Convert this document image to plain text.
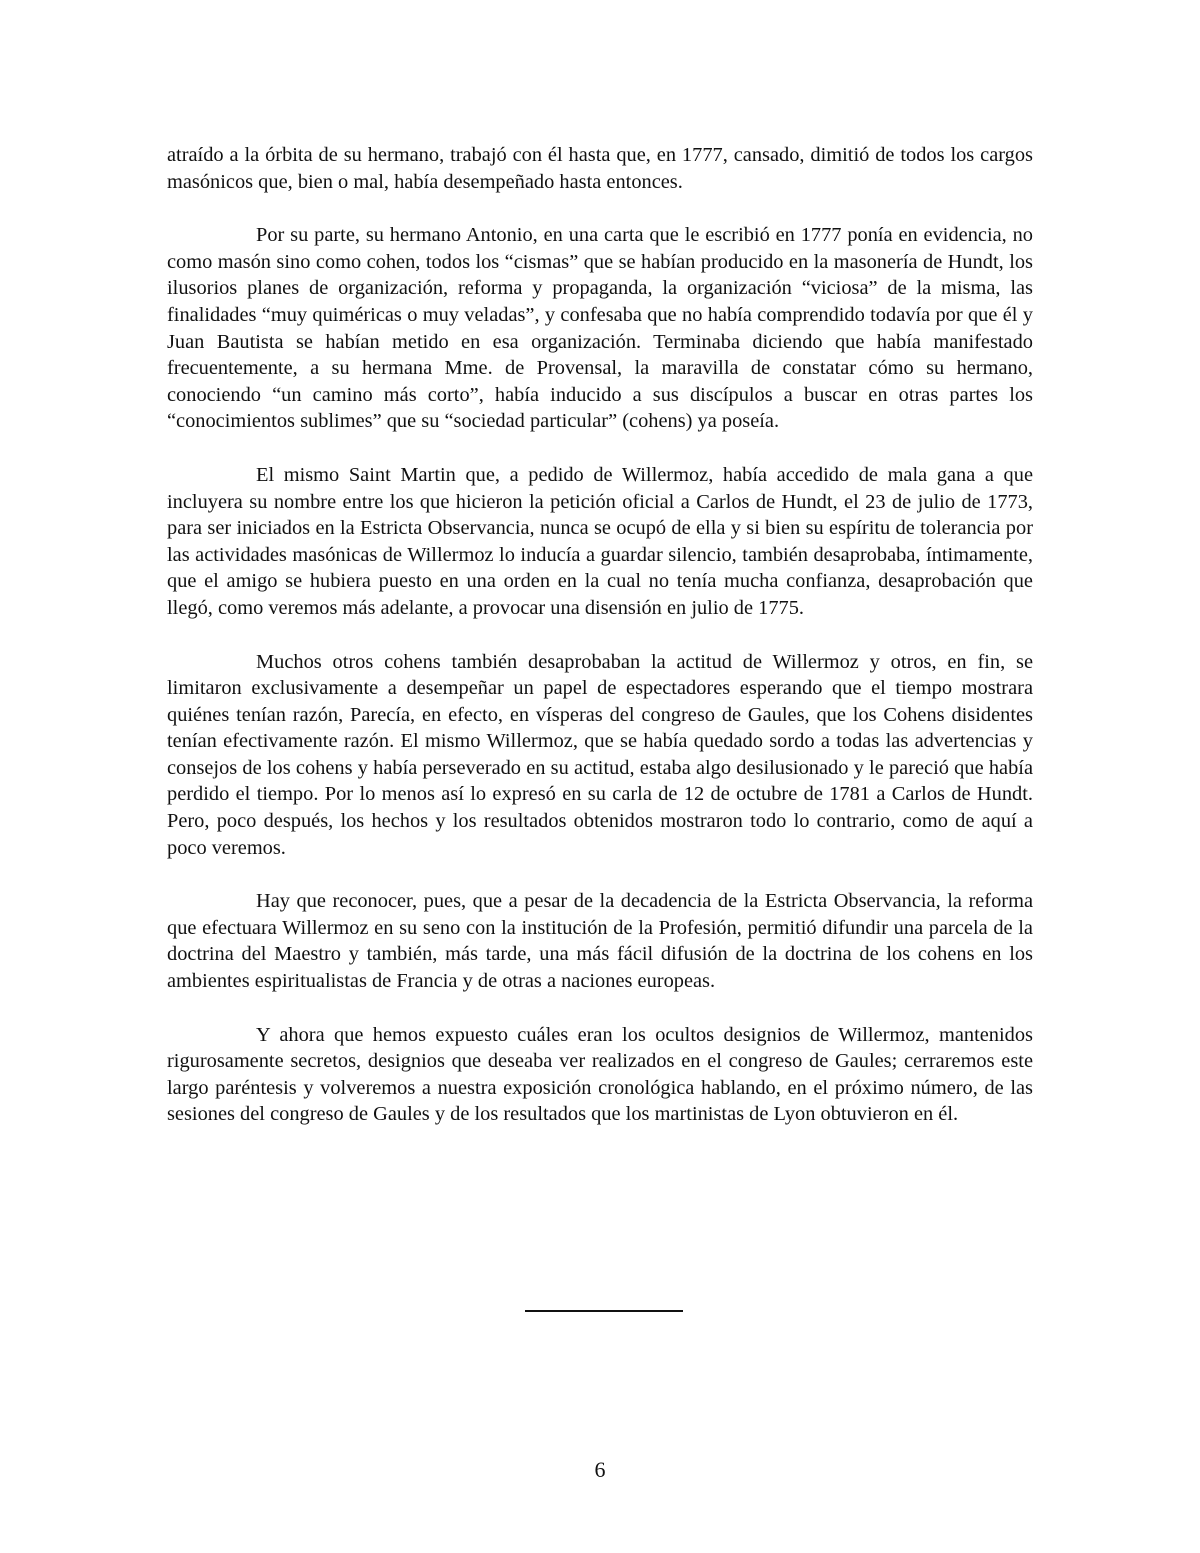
atraído a la órbita de su hermano, trabajó con él hasta que, en 1777, cansado, dimitió de todos los cargos masónicos que, bien o mal, había desempeñado hasta entonces.

Por su parte, su hermano Antonio, en una carta que le escribió en 1777 ponía en evidencia, no como masón sino como cohen, todos los “cismas” que se habían producido en la masonería de Hundt, los ilusorios planes de organización, reforma y propaganda, la organización “viciosa” de la misma, las finalidades “muy quiméricas o muy veladas”, y confesaba que no había comprendido todavía por que él y Juan Bautista se habían metido en esa organización. Terminaba diciendo que había manifestado frecuentemente, a su hermana Mme. de Provensal, la maravilla de constatar cómo su hermano, conociendo “un camino más corto”, había inducido a sus discípulos a buscar en otras partes los “conocimientos sublimes” que su “sociedad particular” (cohens) ya poseía.

El mismo Saint Martin que, a pedido de Willermoz, había accedido de mala gana a que incluyera su nombre entre los que hicieron la petición oficial a Carlos de Hundt, el 23 de julio de 1773, para ser iniciados en la Estricta Observancia, nunca se ocupó de ella y si bien su espíritu de tolerancia por las actividades masónicas de Willermoz lo inducía a guardar silencio, también desaprobaba, íntimamente, que el amigo se hubiera puesto en una orden en la cual no tenía mucha confianza, desaprobación que llegó, como veremos más adelante, a provocar una disensión en julio de 1775.

Muchos otros cohens también desaprobaban la actitud de Willermoz y otros, en fin, se limitaron exclusivamente a desempeñar un papel de espectadores esperando que el tiempo mostrara quiénes tenían razón, Parecía, en efecto, en vísperas del congreso de Gaules, que los Cohens disidentes tenían efectivamente razón. El mismo Willermoz, que se había quedado sordo a todas las advertencias y consejos de los cohens y había perseverado en su actitud, estaba algo desilusionado y le pareció que había perdido el tiempo. Por lo menos así lo expresó en su carla de 12 de octubre de 1781 a Carlos de Hundt. Pero, poco después, los hechos y los resultados obtenidos mostraron todo lo contrario, como de aquí a poco veremos.

Hay que reconocer, pues, que a pesar de la decadencia de la Estricta Observancia, la reforma que efectuara Willermoz en su seno con la institución de la Profesión, permitió difundir una parcela de la doctrina del Maestro y también, más tarde, una más fácil difusión de la doctrina de los cohens en los ambientes espiritualistas de Francia y de otras a naciones europeas.

Y ahora que hemos expuesto cuáles eran los ocultos designios de Willermoz, mantenidos rigurosamente secretos, designios que deseaba ver realizados en el congreso de Gaules; cerraremos este largo paréntesis y volveremos a nuestra exposición cronológica hablando, en el próximo número, de las sesiones del congreso de Gaules y de los resultados que los martinistas de Lyon obtuvieron en él.

6
